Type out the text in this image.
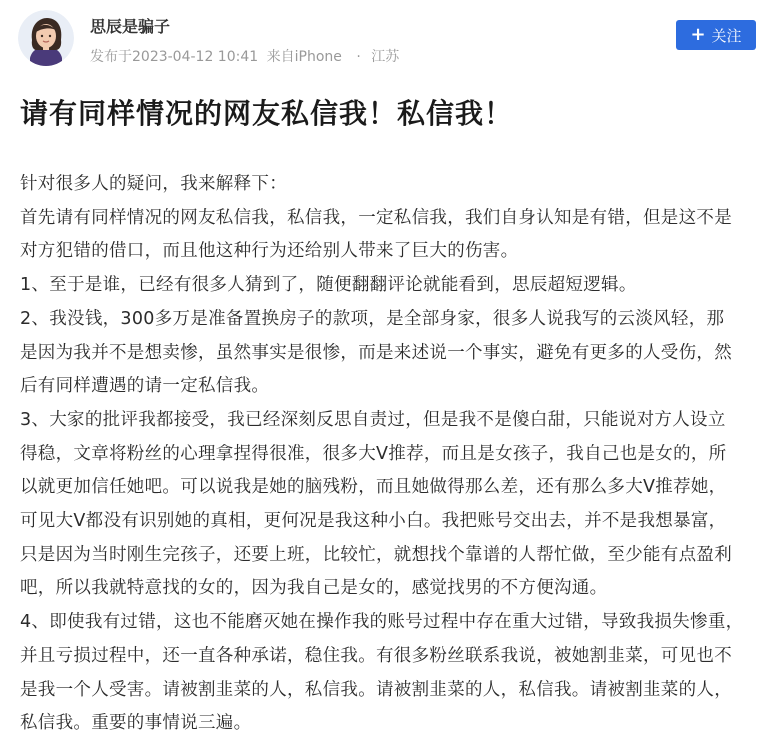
思辰是骗子
发布于2023-04-12 10:41 来自iPhone · 江苏
+ 关注
请有同样情况的网友私信我！私信我！

针对很多人的疑问，我来解释下：

首先请有同样情况的网友私信我，私信我，一定私信我，我们自身认知是有错，但是这不是

对方犯错的借口，而且他这种行为还给别人带来了巨大的伤害。

1、至于是谁，已经有很多人猜到了，随便翻翻评论就能看到，思辰超短逻辑。

2、我没钱，300多万是准备置换房子的款项，是全部身家，很多人说我写的云淡风轻，那

是因为我并不是想卖惨，虽然事实是很惨，而是来述说一个事实，避免有更多的人受伤，然

后有同样遭遇的请一定私信我。

3、大家的批评我都接受，我已经深刻反思自责过，但是我不是傻白甜，只能说对方人设立

得稳，文章将粉丝的心理拿捏得很准，很多大V推荐，而且是女孩子，我自己也是女的，所

以就更加信任她吧。可以说我是她的脑残粉，而且她做得那么差，还有那么多大V推荐她，

可见大V都没有识别她的真相，更何况是我这种小白。我把账号交出去，并不是我想暴富，

只是因为当时刚生完孩子，还要上班，比较忙，就想找个靠谱的人帮忙做，至少能有点盈利

吧，所以我就特意找的女的，因为我自己是女的，感觉找男的不方便沟通。

4、即使我有过错，这也不能磨灭她在操作我的账号过程中存在重大过错，导致我损失惨重，

并且亏损过程中，还一直各种承诺，稳住我。有很多粉丝联系我说，被她割韭菜，可见也不

是我一个人受害。请被割韭菜的人，私信我。请被割韭菜的人，私信我。请被割韭菜的人，

私信我。重要的事情说三遍。
